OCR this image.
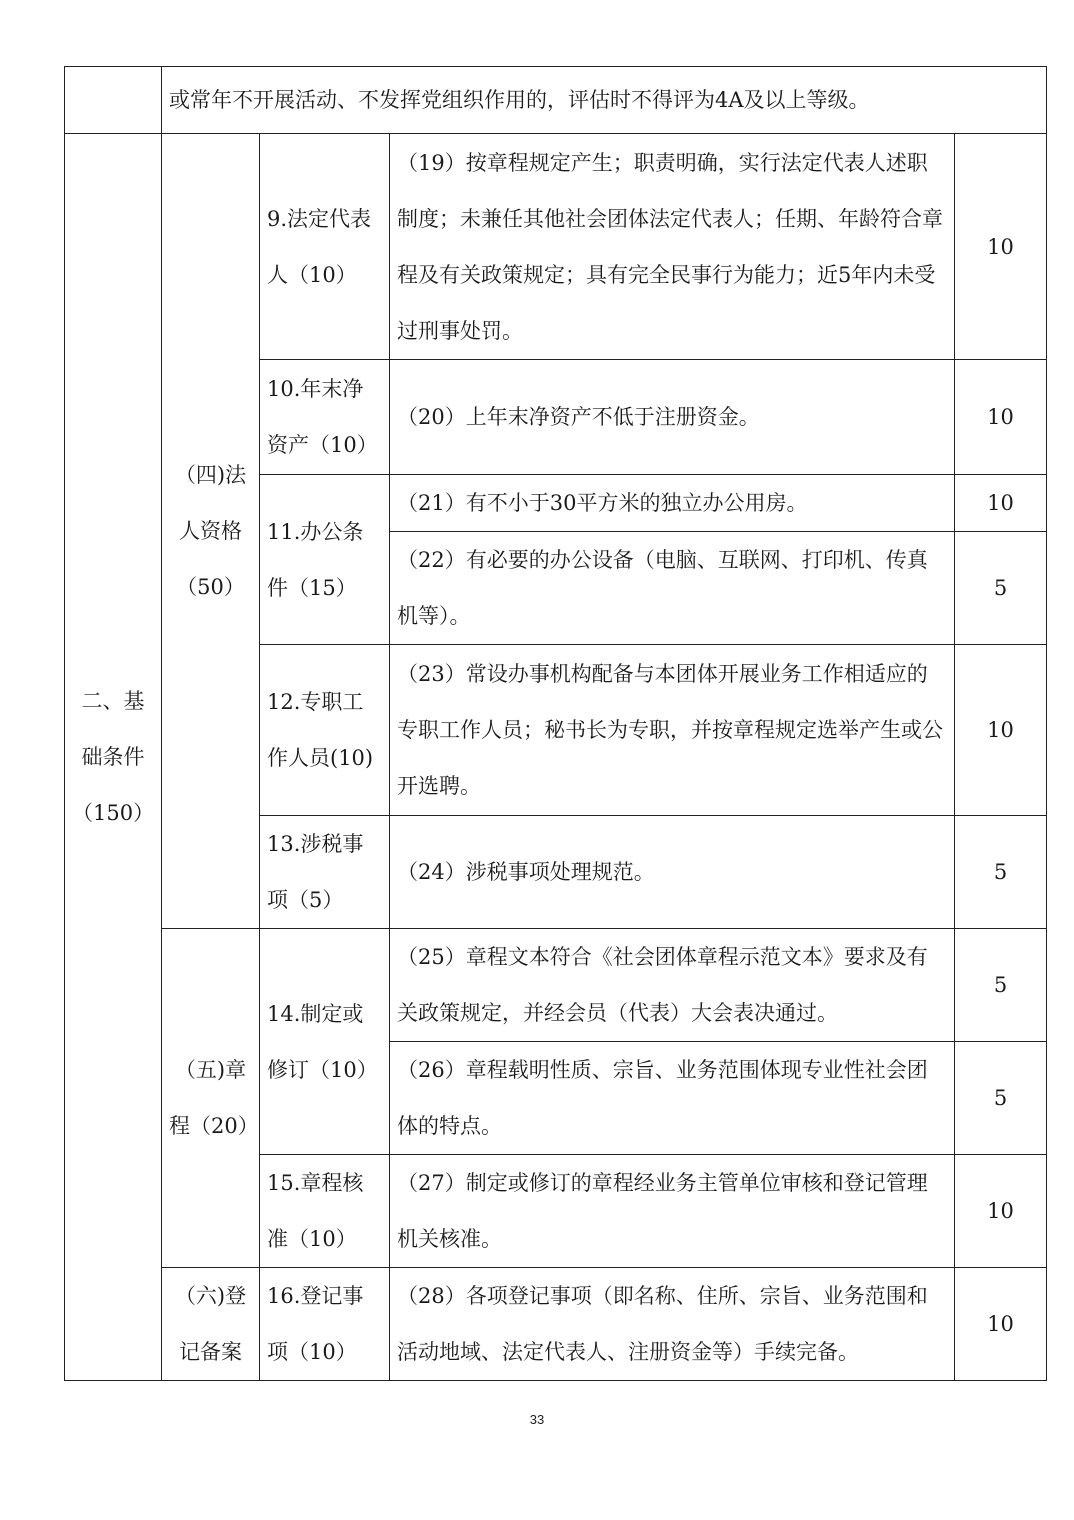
	或常年不开展活动、不发挥党组织作用的，评估时不得评为4A及以上等级。			
二、基础条件（150）	（四)法人资格（50）	9.法定代表人（10）	（19）按章程规定产生；职责明确，实行法定代表人述职制度；未兼任其他社会团体法定代表人；任期、年龄符合章程及有关政策规定；具有完全民事行为能力；近5年内未受过刑事处罚。	10
		10.年末净资产（10）	（20）上年末净资产不低于注册资金。	10
		11.办公条件（15）	（21）有不小于30平方米的独立办公用房。	10
			（22）有必要的办公设备（电脑、互联网、打印机、传真机等）。	5
		12.专职工作人员(10)	（23）常设办事机构配备与本团体开展业务工作相适应的专职工作人员；秘书长为专职，并按章程规定选举产生或公开选聘。	10
		13.涉税事项（5）	（24）涉税事项处理规范。	5

	（五)章程（20）	14.制定或修订（10）	（25）章程文本符合《社会团体章程示范文本》要求及有关政策规定，并经会员（代表）大会表决通过。	5
			（26）章程载明性质、宗旨、业务范围体现专业性社会团体的特点。	5
		15.章程核准（10）	（27）制定或修订的章程经业务主管单位审核和登记管理机关核准。	10
	（六)登记备案	16.登记事项（10）	（28）各项登记事项（即名称、住所、宗旨、业务范围和活动地域、法定代表人、注册资金等）手续完备。	10
33
